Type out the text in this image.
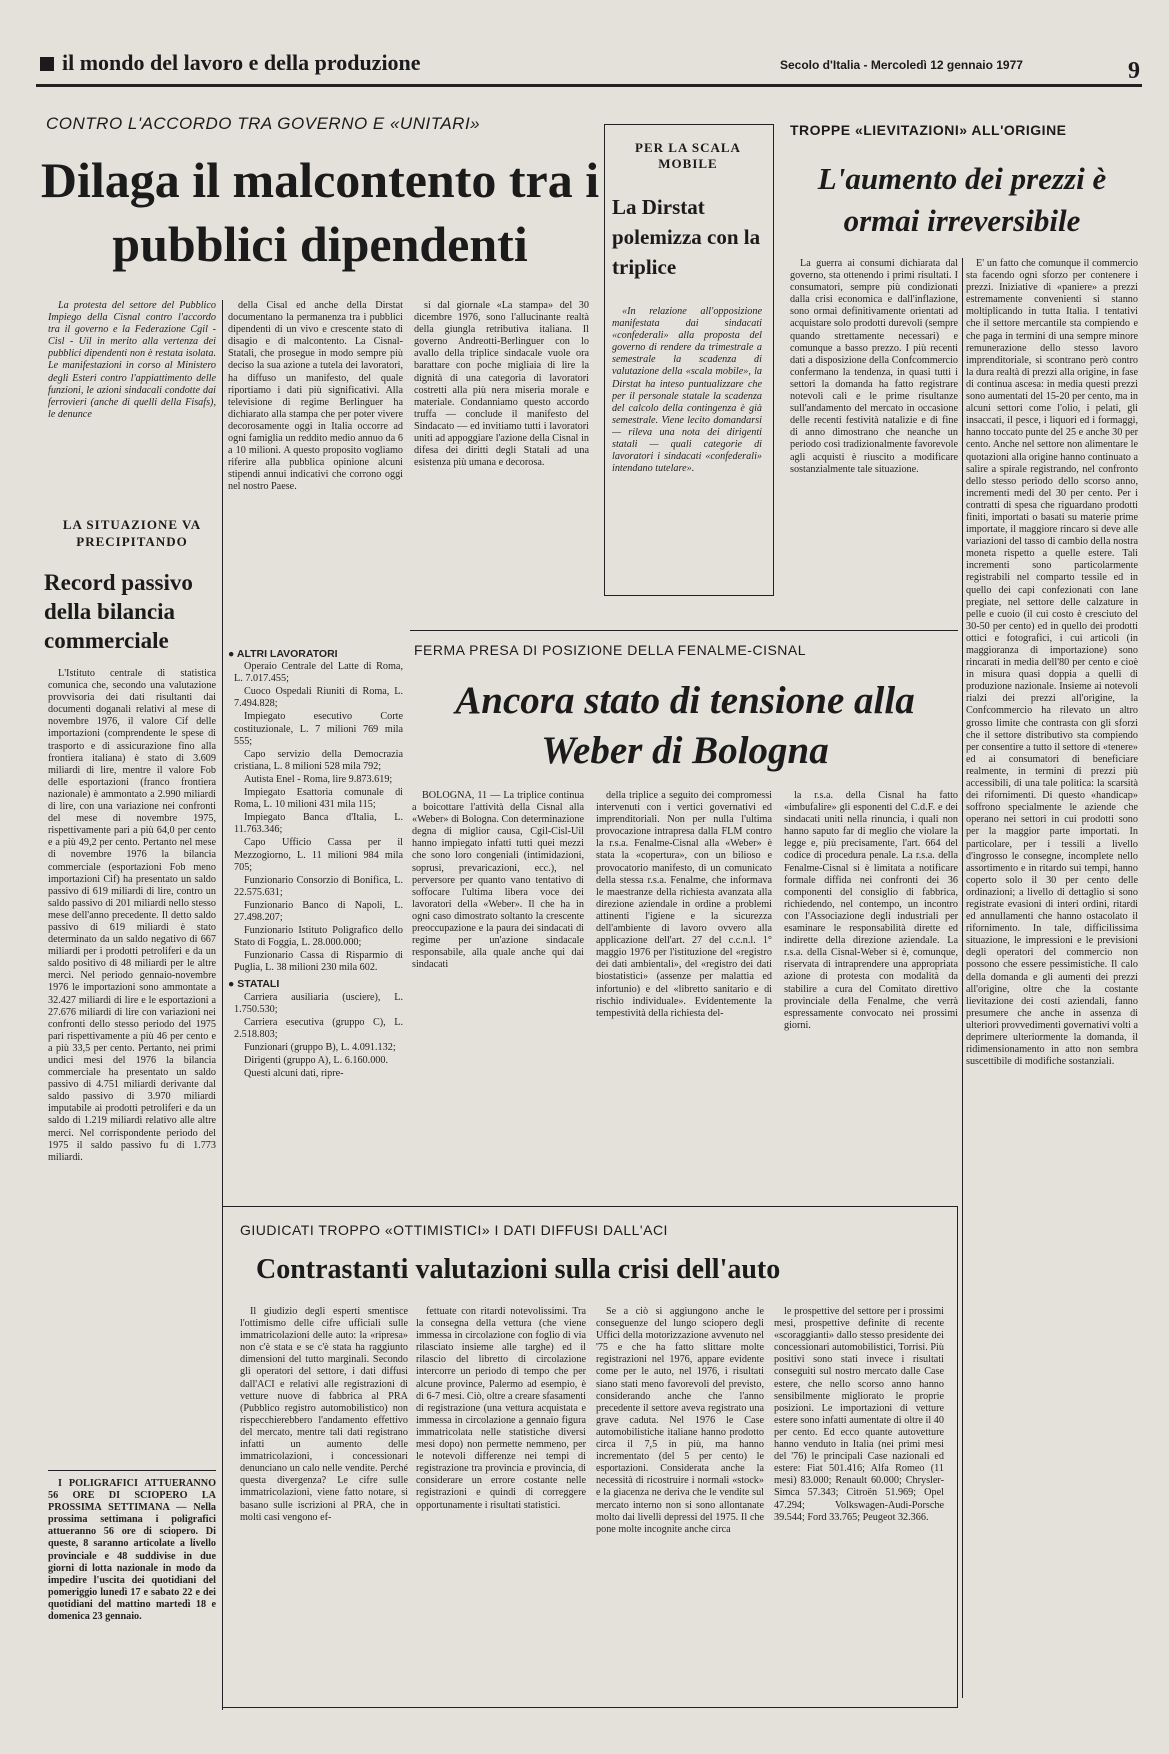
il mondo del lavoro e della produzione	Secolo d'Italia - Mercoledì 12 gennaio 1977	9
CONTRO L'ACCORDO TRA GOVERNO E «UNITARI»
Dilaga il malcontento tra i pubblici dipendenti

La protesta del settore del Pubblico Impiego della Cisnal contro l'accordo tra il governo e la Federazione Cgil - Cisl - Uil in merito alla vertenza dei pubblici dipendenti non è restata isolata. Le manifestazioni in corso al Ministero degli Esteri contro l'appiattimento delle funzioni, le azioni sindacali condotte dai ferrovieri (anche di quelli della Fisafs), le denunce

della Cisal ed anche della Dirstat documentano la permanenza tra i pubblici dipendenti di un vivo e crescente stato di disagio e di malcontento. La Cisnal-Statali, che prosegue in modo sempre più deciso la sua azione a tutela dei lavoratori, ha diffuso un manifesto, del quale riportiamo i dati più significativi. Alla televisione di regime Berlinguer ha dichiarato alla stampa che per poter vivere decorosamente oggi in Italia occorre ad ogni famiglia un reddito medio annuo da 6 a 10 milioni. A questo proposito vogliamo riferire alla pubblica opinione alcuni stipendi annui indicativi che corrono oggi nel nostro Paese.

si dal giornale «La stampa» del 30 dicembre 1976, sono l'allucinante realtà della giungla retributiva italiana. Il governo Andreotti-Berlinguer con lo avallo della triplice sindacale vuole ora barattare con poche migliaia di lire la dignità di una categoria di lavoratori costretti alla più nera miseria morale e materiale. Condanniamo questo accordo truffa — conclude il manifesto del Sindacato — ed invitiamo tutti i lavoratori uniti ad appoggiare l'azione della Cisnal in difesa dei diritti degli Statali ad una esistenza più umana e decorosa.

● ALTRI LAVORATORI

Operaio Centrale del Latte di Roma, L. 7.017.455;

Cuoco Ospedali Riuniti di Roma, L. 7.494.828;

Impiegato esecutivo Corte costituzionale, L. 7 milioni 769 mila 555;

Capo servizio della Democrazia cristiana, L. 8 milioni 528 mila 792;

Autista Enel - Roma, lire 9.873.619;

Impiegato Esattoria comunale di Roma, L. 10 milioni 431 mila 115;

Impiegato Banca d'Italia, L. 11.763.346;

Capo Ufficio Cassa per il Mezzogiorno, L. 11 milioni 984 mila 705;

Funzionario Consorzio di Bonifica, L. 22.575.631;

Funzionario Banco di Napoli, L. 27.498.207;

Funzionario Istituto Poligrafico dello Stato di Foggia, L. 28.000.000;

Funzionario Cassa di Risparmio di Puglia, L. 38 milioni 230 mila 602.

● STATALI

Carriera ausiliaria (usciere), L. 1.750.530;

Carriera esecutiva (gruppo C), L. 2.518.803;

Funzionari (gruppo B), L. 4.091.132;

Dirigenti (gruppo A), L. 6.160.000.

Questi alcuni dati, ripre-

LA SITUAZIONE VA PRECIPITANDO
Record passivo della bilancia commerciale

L'Istituto centrale di statistica comunica che, secondo una valutazione provvisoria dei dati risultanti dai documenti doganali relativi al mese di novembre 1976, il valore Cif delle importazioni (comprendente le spese di trasporto e di assicurazione fino alla frontiera italiana) è stato di 3.609 miliardi di lire, mentre il valore Fob delle esportazioni (franco frontiera nazionale) è ammontato a 2.990 miliardi di lire, con una variazione nei confronti del mese di novembre 1975, rispettivamente pari a più 64,0 per cento e a più 49,2 per cento. Pertanto nel mese di novembre 1976 la bilancia commerciale (esportazioni Fob meno importazioni Cif) ha presentato un saldo passivo di 619 miliardi di lire, contro un saldo passivo di 201 miliardi nello stesso mese dell'anno precedente. Il detto saldo passivo di 619 miliardi è stato determinato da un saldo negativo di 667 miliardi per i prodotti petroliferi e da un saldo positivo di 48 miliardi per le altre merci. Nel periodo gennaio-novembre 1976 le importazioni sono ammontate a 32.427 miliardi di lire e le esportazioni a 27.676 miliardi di lire con variazioni nei confronti dello stesso periodo del 1975 pari rispettivamente a più 46 per cento e a più 33,5 per cento. Pertanto, nei primi undici mesi del 1976 la bilancia commerciale ha presentato un saldo passivo di 4.751 miliardi derivante dal saldo passivo di 3.970 miliardi imputabile ai prodotti petroliferi e da un saldo di 1.219 miliardi relativo alle altre merci. Nel corrispondente periodo del 1975 il saldo passivo fu di 1.773 miliardi.

I POLIGRAFICI ATTUERANNO 56 ORE DI SCIOPERO LA PROSSIMA SETTIMANA — Nella prossima settimana i poligrafici attueranno 56 ore di sciopero. Di queste, 8 saranno articolate a livello provinciale e 48 suddivise in due giorni di lotta nazionale in modo da impedire l'uscita dei quotidiani del pomeriggio lunedì 17 e sabato 22 e dei quotidiani del mattino martedì 18 e domenica 23 gennaio.

PER LA SCALA MOBILE
La Dirstat polemizza con la triplice

«In relazione all'opposizione manifestata dai sindacati «confederali» alla proposta del governo di rendere da trimestrale a semestrale la scadenza di valutazione della «scala mobile», la Dirstat ha inteso puntualizzare che per il personale statale la scadenza del calcolo della contingenza è già semestrale. Viene lecito domandarsi — rileva una nota dei dirigenti statali — quali categorie di lavoratori i sindacati «confederali» intendano tutelare».

TROPPE «LIEVITAZIONI» ALL'ORIGINE
L'aumento dei prezzi è ormai irreversibile

La guerra ai consumi dichiarata dal governo, sta ottenendo i primi risultati. I consumatori, sempre più condizionati dalla crisi economica e dall'inflazione, sono ormai definitivamente orientati ad acquistare solo prodotti durevoli (sempre quando strettamente necessari) e comunque a basso prezzo. I più recenti dati a disposizione della Confcommercio confermano la tendenza, in quasi tutti i settori la domanda ha fatto registrare notevoli cali e le prime risultanze sull'andamento del mercato in occasione delle recenti festività natalizie e di fine di anno dimostrano che neanche un periodo così tradizionalmente favorevole agli acquisti è riuscito a modificare sostanzialmente tale situazione.

E' un fatto che comunque il commercio sta facendo ogni sforzo per contenere i prezzi. Iniziative di «paniere» a prezzi estremamente convenienti si stanno moltiplicando in tutta Italia. I tentativi che il settore mercantile sta compiendo e che paga in termini di una sempre minore remunerazione dello stesso lavoro imprenditoriale, si scontrano però contro la dura realtà di prezzi alla origine, in fase di continua ascesa: in media questi prezzi sono aumentati del 15-20 per cento, ma in alcuni settori come l'olio, i pelati, gli insaccati, il pesce, i liquori ed i formaggi, hanno toccato punte del 25 e anche 30 per cento. Anche nel settore non alimentare le quotazioni alla origine hanno continuato a salire a spirale registrando, nel confronto dello stesso periodo dello scorso anno, incrementi medi del 30 per cento. Per i contratti di spesa che riguardano prodotti finiti, importati o basati su materie prime importate, il maggiore rincaro si deve alle variazioni del tasso di cambio della nostra moneta rispetto a quelle estere. Tali incrementi sono particolarmente registrabili nel comparto tessile ed in quello dei capi confezionati con lane pregiate, nel settore delle calzature in pelle e cuoio (il cui costo è cresciuto del 30-50 per cento) ed in quello dei prodotti ottici e fotografici, i cui articoli (in maggioranza di importazione) sono rincarati in media dell'80 per cento e cioè in misura quasi doppia a quelli di produzione nazionale. Insieme ai notevoli rialzi dei prezzi all'origine, la Confcommercio ha rilevato un altro grosso limite che contrasta con gli sforzi che il settore distributivo sta compiendo per consentire a tutto il settore di «tenere» ed ai consumatori di beneficiare realmente, in termini di prezzi più accessibili, di una tale politica: la scarsità dei rifornimenti. Di questo «handicap» soffrono specialmente le aziende che operano nei settori in cui prodotti sono per la maggior parte importati. In particolare, per i tessili a livello d'ingrosso le consegne, incomplete nello assortimento e in ritardo sui tempi, hanno coperto solo il 30 per cento delle ordinazioni; a livello di dettaglio si sono registrate evasioni di interi ordini, ritardi ed annullamenti che hanno ostacolato il rifornimento. In tale, difficilissima situazione, le impressioni e le previsioni degli operatori del commercio non possono che essere pessimistiche. Il calo della domanda e gli aumenti dei prezzi all'origine, oltre che la costante lievitazione dei costi aziendali, fanno presumere che anche in assenza di ulteriori provvedimenti governativi volti a deprimere ulteriormente la domanda, il ridimensionamento in atto non sembra suscettibile di modifiche sostanziali.

FERMA PRESA DI POSIZIONE DELLA FENALME-CISNAL
Ancora stato di tensione alla Weber di Bologna

BOLOGNA, 11 — La triplice continua a boicottare l'attività della Cisnal alla «Weber» di Bologna. Con determinazione degna di miglior causa, Cgil-Cisl-Uil hanno impiegato infatti tutti quei mezzi che sono loro congeniali (intimidazioni, soprusi, prevaricazioni, ecc.), nel perversore per quanto vano tentativo di soffocare l'ultima libera voce dei lavoratori della «Weber». Il che ha in ogni caso dimostrato soltanto la crescente preoccupazione e la paura dei sindacati di regime per un'azione sindacale responsabile, alla quale anche qui dai sindacati

della triplice a seguito dei compromessi intervenuti con i vertici governativi ed imprenditoriali. Non per nulla l'ultima provocazione intrapresa dalla FLM contro la r.s.a. Fenalme-Cisnal alla «Weber» è stata la «copertura», con un bilioso e provocatorio manifesto, di un comunicato della stessa r.s.a. Fenalme, che informava le maestranze della richiesta avanzata alla direzione aziendale in ordine a problemi attinenti l'igiene e la sicurezza dell'ambiente di lavoro ovvero alla applicazione dell'art. 27 del c.c.n.l. 1° maggio 1976 per l'istituzione del «registro dei dati ambientali», del «registro dei dati biostatistici» (assenze per malattia ed infortunio) e del «libretto sanitario e di rischio individuale». Evidentemente la tempestività della richiesta del-

la r.s.a. della Cisnal ha fatto «imbufalire» gli esponenti del C.d.F. e dei sindacati uniti nella rinuncia, i quali non hanno saputo far di meglio che violare la legge e, più precisamente, l'art. 664 del codice di procedura penale. La r.s.a. della Fenalme-Cisnal si è limitata a notificare formale diffida nei confronti dei 36 componenti del consiglio di fabbrica, richiedendo, nel contempo, un incontro con l'Associazione degli industriali per esaminare le responsabilità dirette ed indirette della direzione aziendale. La r.s.a. della Cisnal-Weber si è, comunque, riservata di intraprendere una appropriata azione di protesta con modalità da stabilire a cura del Comitato direttivo provinciale della Fenalme, che verrà espressamente convocato nei prossimi giorni.

GIUDICATI TROPPO «OTTIMISTICI» I DATI DIFFUSI DALL'ACI
Contrastanti valutazioni sulla crisi dell'auto

Il giudizio degli esperti smentisce l'ottimismo delle cifre ufficiali sulle immatricolazioni delle auto: la «ripresa» non c'è stata e se c'è stata ha raggiunto dimensioni del tutto marginali. Secondo gli operatori del settore, i dati diffusi dall'ACI e relativi alle registrazioni di vetture nuove di fabbrica al PRA (Pubblico registro automobilistico) non rispecchierebbero l'andamento effettivo del mercato, mentre tali dati registrano infatti un aumento delle immatricolazioni, i concessionari denunciano un calo nelle vendite. Perché questa divergenza? Le cifre sulle immatricolazioni, viene fatto notare, si basano sulle iscrizioni al PRA, che in molti casi vengono ef-

fettuate con ritardi notevolissimi. Tra la consegna della vettura (che viene immessa in circolazione con foglio di via rilasciato insieme alle targhe) ed il rilascio del libretto di circolazione intercorre un periodo di tempo che per alcune province, Palermo ad esempio, è di 6-7 mesi. Ciò, oltre a creare sfasamenti di registrazione (una vettura acquistata e immessa in circolazione a gennaio figura immatricolata nelle statistiche diversi mesi dopo) non permette nemmeno, per le notevoli differenze nei tempi di registrazione tra provincia e provincia, di considerare un errore costante nelle registrazioni e quindi di correggere opportunamente i risultati statistici.

Se a ciò si aggiungono anche le conseguenze del lungo sciopero degli Uffici della motorizzazione avvenuto nel '75 e che ha fatto slittare molte registrazioni nel 1976, appare evidente come per le auto, nel 1976, i risultati siano stati meno favorevoli del previsto, considerando anche che l'anno precedente il settore aveva registrato una grave caduta. Nel 1976 le Case automobilistiche italiane hanno prodotto circa il 7,5 in più, ma hanno incrementato (del 5 per cento) le esportazioni. Considerata anche la necessità di ricostruire i normali «stock» e la giacenza ne deriva che le vendite sul mercato interno non si sono allontanate molto dai livelli depressi del 1975. Il che pone molte incognite anche circa

le prospettive del settore per i prossimi mesi, prospettive definite di recente «scoraggianti» dallo stesso presidente dei concessionari automobilistici, Torrisi. Più positivi sono stati invece i risultati conseguiti sul nostro mercato dalle Case estere, che nello scorso anno hanno sensibilmente migliorato le proprie posizioni. Le importazioni di vetture estere sono infatti aumentate di oltre il 40 per cento. Ed ecco quante autovetture hanno venduto in Italia (nei primi mesi del '76) le principali Case nazionali ed estere: Fiat 501.416; Alfa Romeo (11 mesi) 83.000; Renault 60.000; Chrysler-Simca 57.343; Citroën 51.969; Opel 47.294; Volkswagen-Audi-Porsche 39.544; Ford 33.765; Peugeot 32.366.
